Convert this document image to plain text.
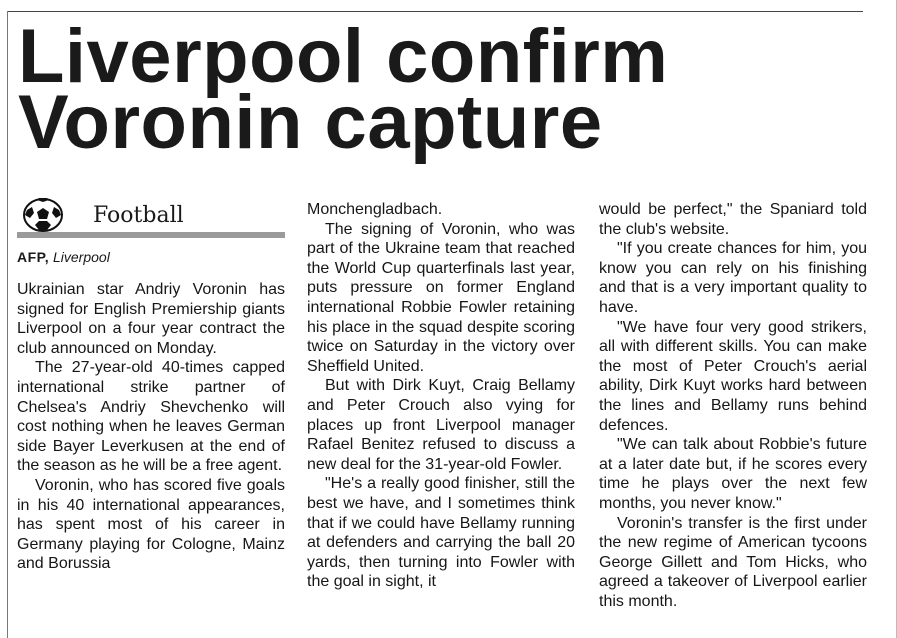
Liverpool confirm
Voronin capture
Football
AFP, Liverpool

Ukrainian star Andriy Voronin has signed for English Premiership giants Liverpool on a four year contract the club announced on Monday.

The 27-year-old 40-times capped international strike partner of Chelsea's Andriy Shevchenko will cost nothing when he leaves German side Bayer Leverkusen at the end of the season as he will be a free agent.

Voronin, who has scored five goals in his 40 international appearances, has spent most of his career in Germany playing for Cologne, Mainz and Borussia

Monchengladbach.

The signing of Voronin, who was part of the Ukraine team that reached the World Cup quarterfinals last year, puts pressure on former England international Robbie Fowler retaining his place in the squad despite scoring twice on Saturday in the victory over Sheffield United.

But with Dirk Kuyt, Craig Bellamy and Peter Crouch also vying for places up front Liverpool manager Rafael Benitez refused to discuss a new deal for the 31-year-old Fowler.

"He's a really good finisher, still the best we have, and I sometimes think that if we could have Bellamy running at defenders and carrying the ball 20 yards, then turning into Fowler with the goal in sight, it

would be perfect," the Spaniard told the club's website.

"If you create chances for him, you know you can rely on his finishing and that is a very important quality to have.

"We have four very good strikers, all with different skills. You can make the most of Peter Crouch's aerial ability, Dirk Kuyt works hard between the lines and Bellamy runs behind defences.

"We can talk about Robbie's future at a later date but, if he scores every time he plays over the next few months, you never know."

Voronin's transfer is the first under the new regime of American tycoons George Gillett and Tom Hicks, who agreed a takeover of Liverpool earlier this month.
